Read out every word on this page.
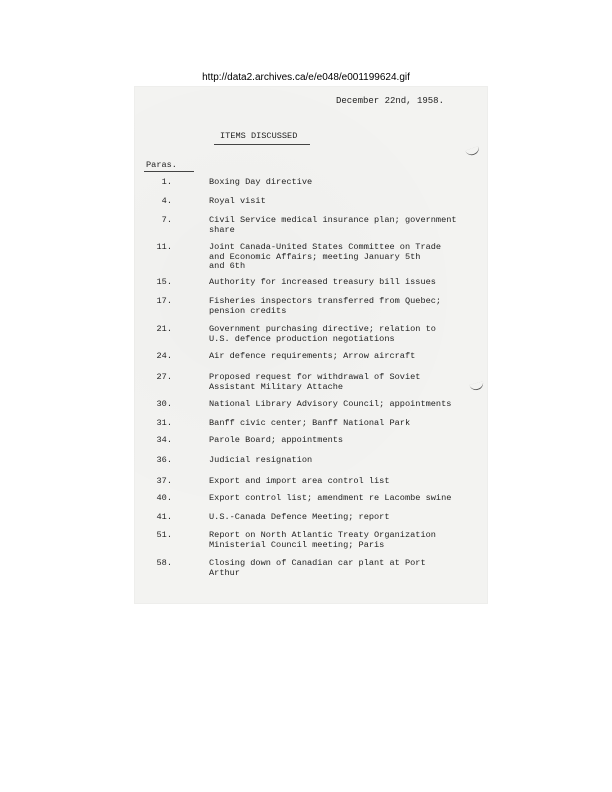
http://data2.archives.ca/e/e048/e001199624.gif
December 22nd, 1958.
ITEMS DISCUSSED
Paras.
1.	Boxing Day directive
4.	Royal visit
7.	Civil Service medical insurance plan; government
share
11.	Joint Canada-United States Committee on Trade
and Economic Affairs; meeting January 5th
and 6th
15.	Authority for increased treasury bill issues
17.	Fisheries inspectors transferred from Quebec;
pension credits
21.	Government purchasing directive; relation to
U.S. defence production negotiations
24.	Air defence requirements; Arrow aircraft
27.	Proposed request for withdrawal of Soviet
Assistant Military Attache
30.	National Library Advisory Council; appointments
31.	Banff civic center; Banff National Park
34.	Parole Board; appointments
36.	Judicial resignation
37.	Export and import area control list
40.	Export control list; amendment re Lacombe swine
41.	U.S.-Canada Defence Meeting; report
51.	Report on North Atlantic Treaty Organization
Ministerial Council meeting; Paris
58.	Closing down of Canadian car plant at Port
Arthur
